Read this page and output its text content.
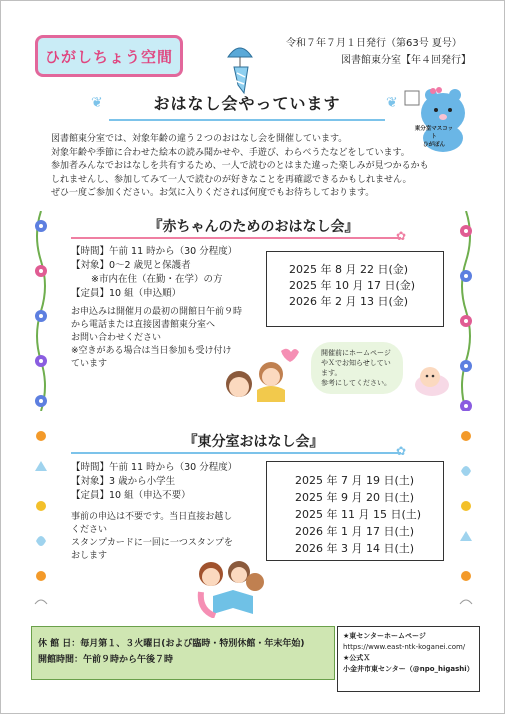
ひがしちょう空間
令和７年７月１日発行（第63号 夏号）
図書館東分室【年４回発行】
❦	おはなし会やっています	❦
東分室マスコット
ひがぽん
図書館東分室では、対象年齢の違う２つのおはなし会を開催しています。
対象年齢や季節に合わせた絵本の読み聞かせや、手遊び、わらべうたなどをしています。
参加者みんなでおはなしを共有するため、一人で読むのとはまた違った楽しみが見つかるかも
しれませんし、参加してみて一人で読むのが好きなことを再確認できるかもしれません。
ぜひ一度ご参加ください。お気に入りくだされば何度でもお待ちしております。
『赤ちゃんのためのおはなし会』
✿
【時間】午前 11 時から（30 分程度）
【対象】0～2 歳児と保護者
※市内在住（在勤・在学）の方
【定員】10 組（申込順）
お申込みは開催月の最初の開館日午前９時
から電話または直接図書館東分室へ
お問い合わせください
※空きがある場合は当日参加も受け付け
ています
2025 年 8 月 22 日(金)
2025 年 10 月 17 日(金)
2026 年 2 月 13 日(金)
開催前にホームページ
やＸでお知らせしてい
ます。
参考にしてください。
『東分室おはなし会』
✿
【時間】午前 11 時から（30 分程度）
【対象】3 歳から小学生
【定員】10 組（申込不要）
事前の申込は不要です。当日直接お越し
ください
スタンプカードに一回に一つスタンプを
おします
2025 年 7 月 19 日(土)
2025 年 9 月 20 日(土)
2025 年 11 月 15 日(土)
2026 年 1 月 17 日(土)
2026 年 3 月 14 日(土)
休 館 日：毎月第１、３火曜日(および臨時・特別休館・年末年始)
開館時間：午前９時から午後７時
★東センターホームページ
https://www.east-ntk-koganei.com/
★公式Ｘ
小金井市東センター（@npo_higashi）
